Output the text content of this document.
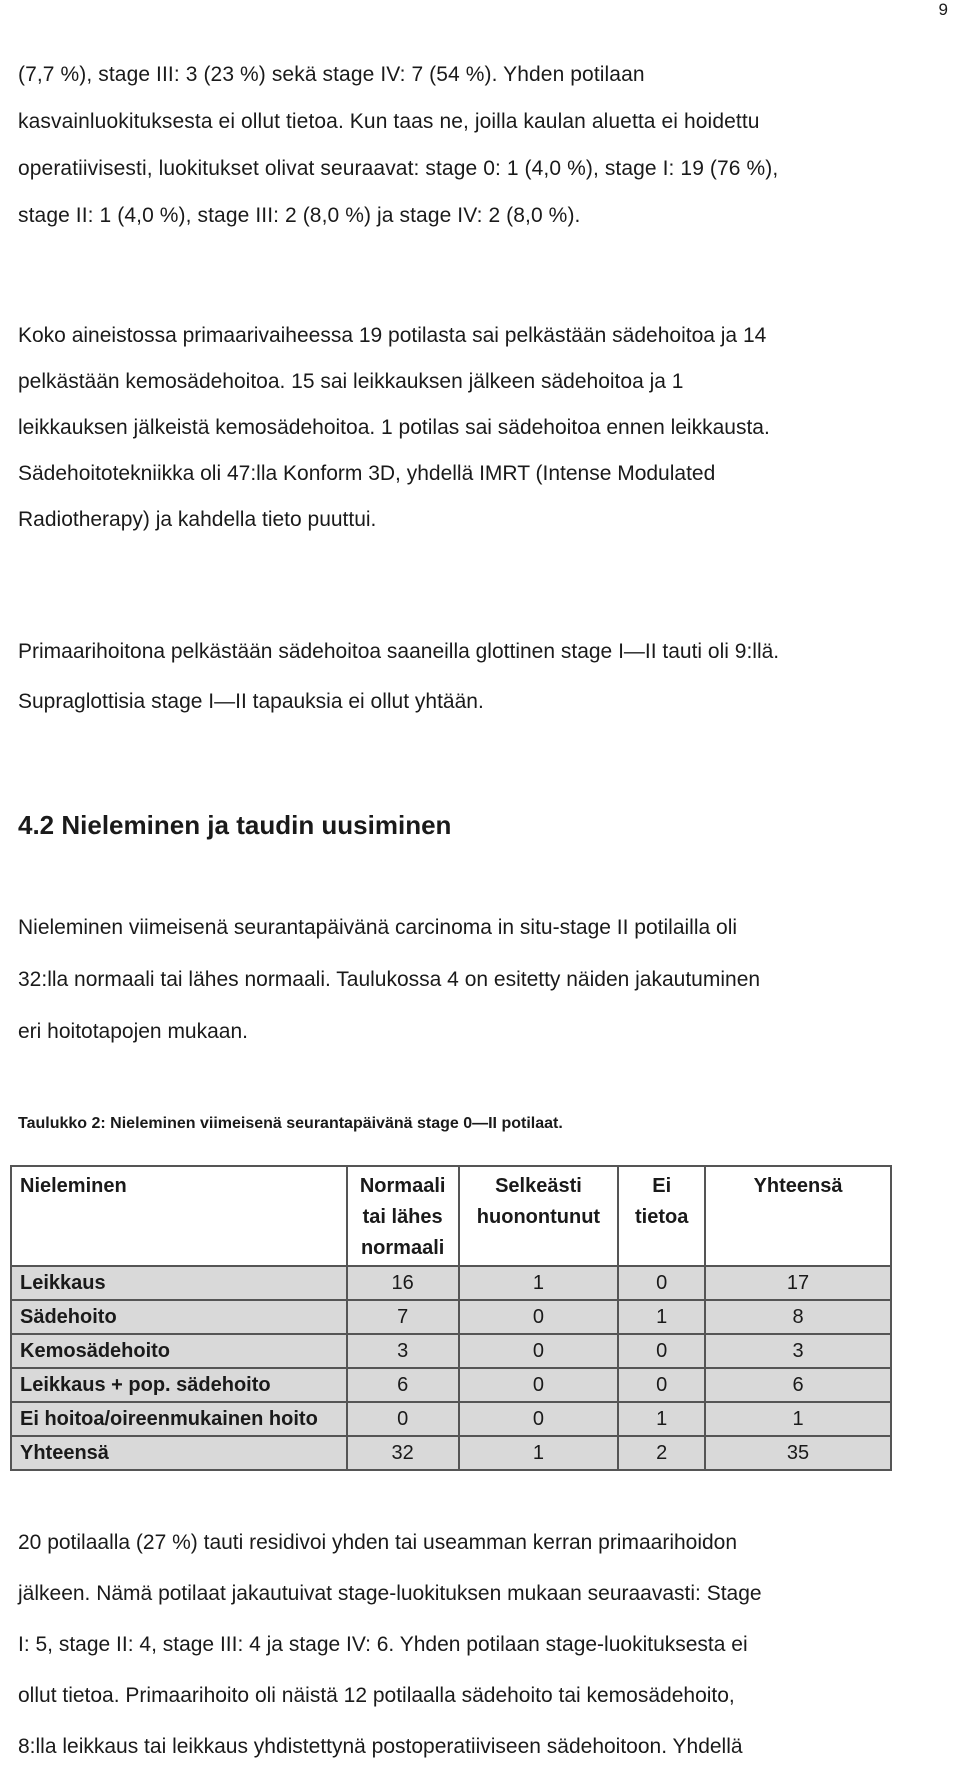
9
(7,7 %), stage III: 3 (23 %) sekä stage IV: 7 (54 %). Yhden potilaan
kasvainluokituksesta ei ollut tietoa. Kun taas ne, joilla kaulan aluetta ei hoidettu
operatiivisesti, luokitukset olivat seuraavat: stage 0: 1 (4,0 %), stage I: 19 (76 %),
stage II: 1 (4,0 %), stage III: 2 (8,0 %) ja stage IV: 2 (8,0 %).
Koko aineistossa primaarivaiheessa 19 potilasta sai pelkästään sädehoitoa ja 14
pelkästään kemosädehoitoa. 15 sai leikkauksen jälkeen sädehoitoa ja 1
leikkauksen jälkeistä kemosädehoitoa. 1 potilas sai sädehoitoa ennen leikkausta.
Sädehoitotekniikka oli 47:lla Konform 3D, yhdellä IMRT (Intense Modulated
Radiotherapy) ja kahdella tieto puuttui.
Primaarihoitona pelkästään sädehoitoa saaneilla glottinen stage I—II tauti oli 9:llä.
Supraglottisia stage I—II tapauksia ei ollut yhtään.
4.2 Nieleminen ja taudin uusiminen
Nieleminen viimeisenä seurantapäivänä carcinoma in situ-stage II potilailla oli
32:lla normaali tai lähes normaali. Taulukossa 4 on esitetty näiden jakautuminen
eri hoitotapojen mukaan.
Taulukko 2: Nieleminen viimeisenä seurantapäivänä stage 0—II potilaat.
Nieleminen	Normaali tai lähes normaali	Selkeästi huonontunut	Ei tietoa	Yhteensä
Leikkaus	16	1	0	17
Sädehoito	7	0	1	8
Kemosädehoito	3	0	0	3
Leikkaus + pop. sädehoito	6	0	0	6
Ei hoitoa/oireenmukainen hoito	0	0	1	1
Yhteensä	32	1	2	35
20 potilaalla (27 %) tauti residivoi yhden tai useamman kerran primaarihoidon
jälkeen. Nämä potilaat jakautuivat stage-luokituksen mukaan seuraavasti: Stage
I: 5, stage II: 4, stage III: 4 ja stage IV: 6. Yhden potilaan stage-luokituksesta ei
ollut tietoa. Primaarihoito oli näistä 12 potilaalla sädehoito tai kemosädehoito,
8:lla leikkaus tai leikkaus yhdistettynä postoperatiiviseen sädehoitoon. Yhdellä
